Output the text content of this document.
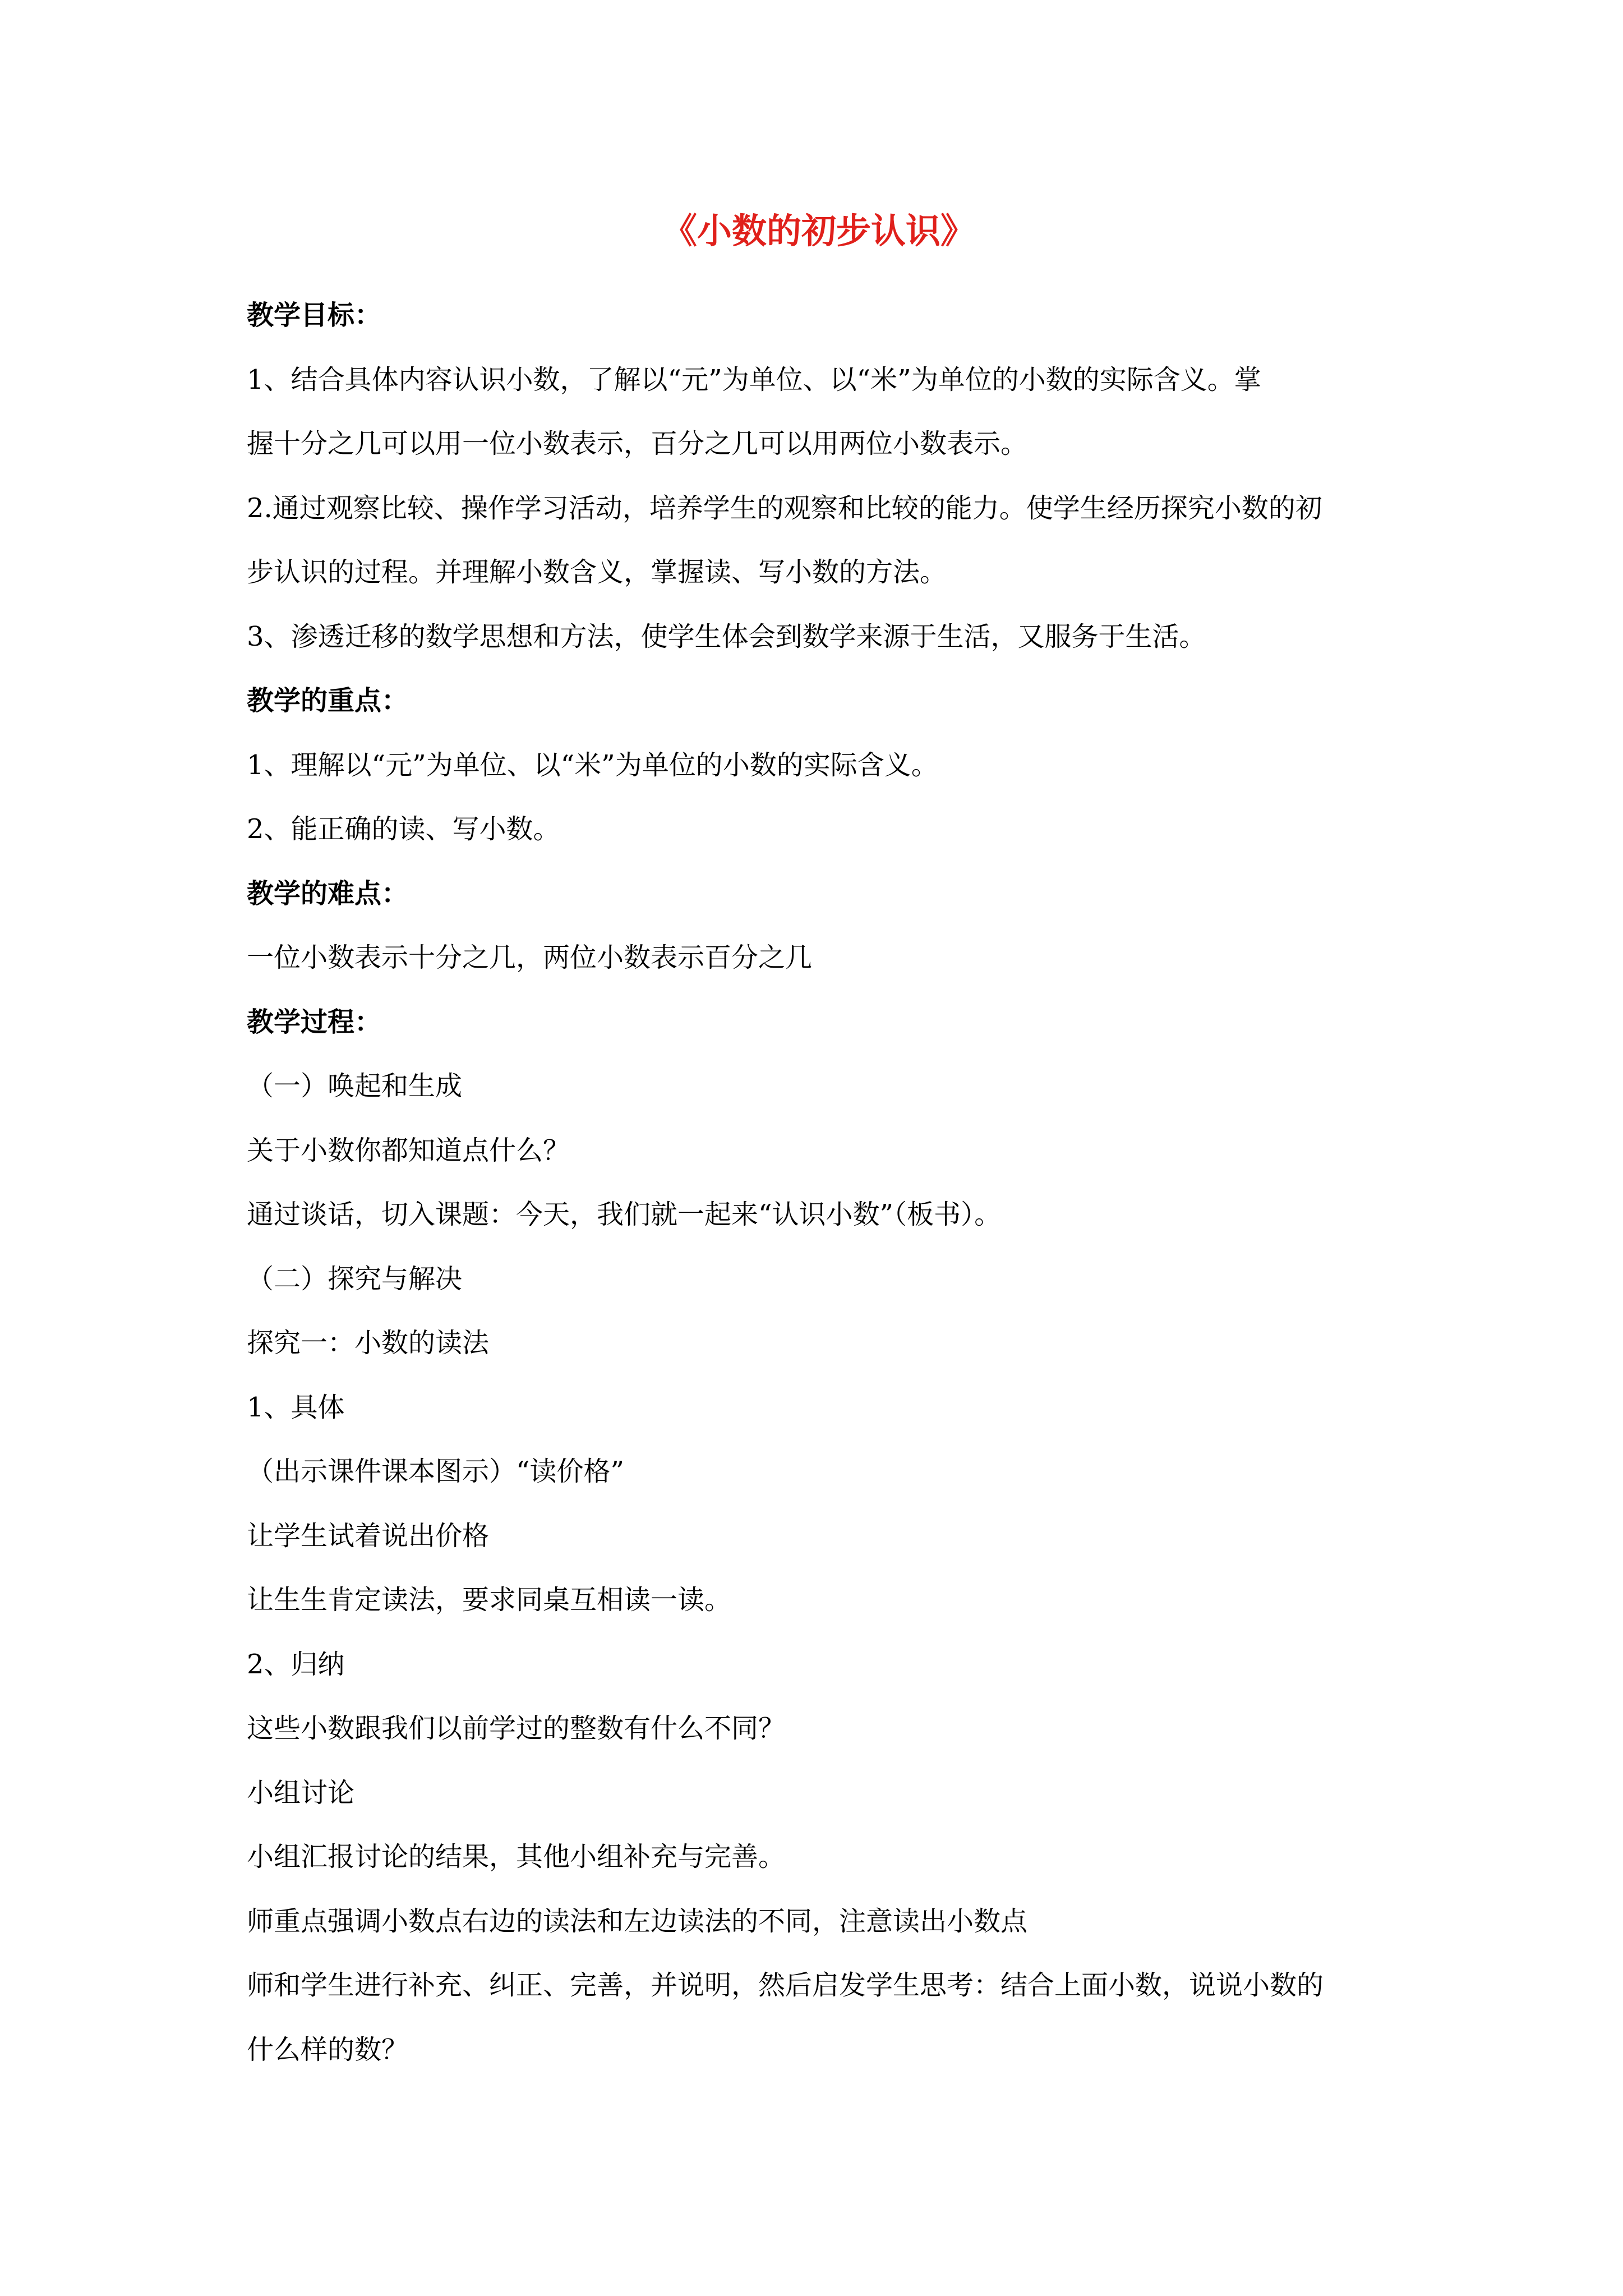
《小数的初步认识》
教学目标：
1、结合具体内容认识小数，了解以“元”为单位、以“米”为单位的小数的实际含义。掌
握十分之几可以用一位小数表示，百分之几可以用两位小数表示。
2.通过观察比较、操作学习活动，培养学生的观察和比较的能力。使学生经历探究小数的初
步认识的过程。并理解小数含义，掌握读、写小数的方法。
3、渗透迁移的数学思想和方法，使学生体会到数学来源于生活，又服务于生活。
教学的重点：
1、理解以“元”为单位、以“米”为单位的小数的实际含义。
2、能正确的读、写小数。
教学的难点：
一位小数表示十分之几，两位小数表示百分之几
教学过程：
（一）唤起和生成
关于小数你都知道点什么？
通过谈话，切入课题：今天，我们就一起来“认识小数”（板书）。
（二）探究与解决
探究一：小数的读法
1、具体
（出示课件课本图示）“读价格”
让学生试着说出价格
让生生肯定读法，要求同桌互相读一读。
2、归纳
这些小数跟我们以前学过的整数有什么不同？
小组讨论
小组汇报讨论的结果，其他小组补充与完善。
师重点强调小数点右边的读法和左边读法的不同，注意读出小数点
师和学生进行补充、纠正、完善，并说明，然后启发学生思考：结合上面小数，说说小数的
什么样的数？
